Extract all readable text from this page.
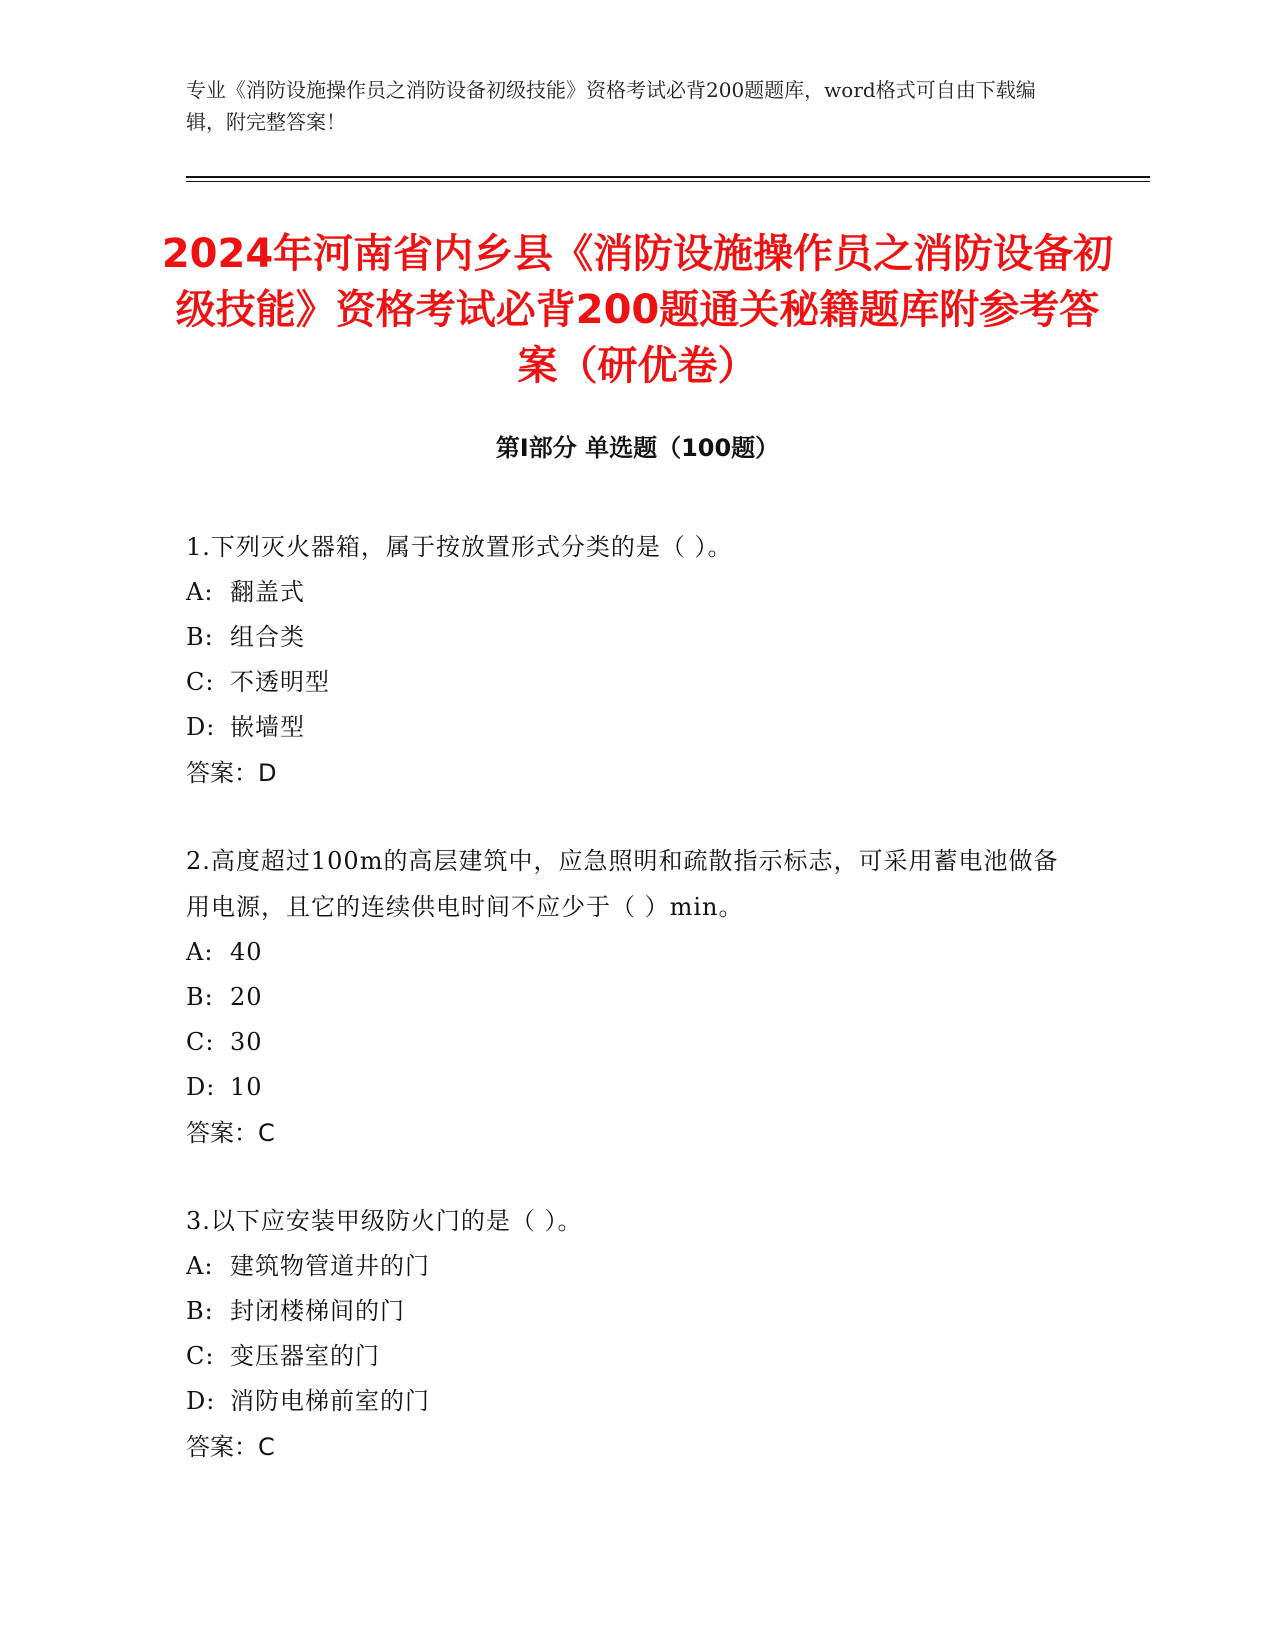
专业《消防设施操作员之消防设备初级技能》资格考试必背200题题库，word格式可自由下载编辑，附完整答案！
2024年河南省内乡县《消防设施操作员之消防设备初级技能》资格考试必背200题通关秘籍题库附参考答案（研优卷）
第I部分 单选题（100题）
1.下列灭火器箱，属于按放置形式分类的是（ ）。
A: 翻盖式
B: 组合类
C: 不透明型
D: 嵌墙型
答案：D
2.高度超过100m的高层建筑中，应急照明和疏散指示标志，可采用蓄电池做备用电源，且它的连续供电时间不应少于（ ）min。
A: 40
B: 20
C: 30
D: 10
答案：C
3.以下应安装甲级防火门的是（ ）。
A: 建筑物管道井的门
B: 封闭楼梯间的门
C: 变压器室的门
D: 消防电梯前室的门
答案：C
